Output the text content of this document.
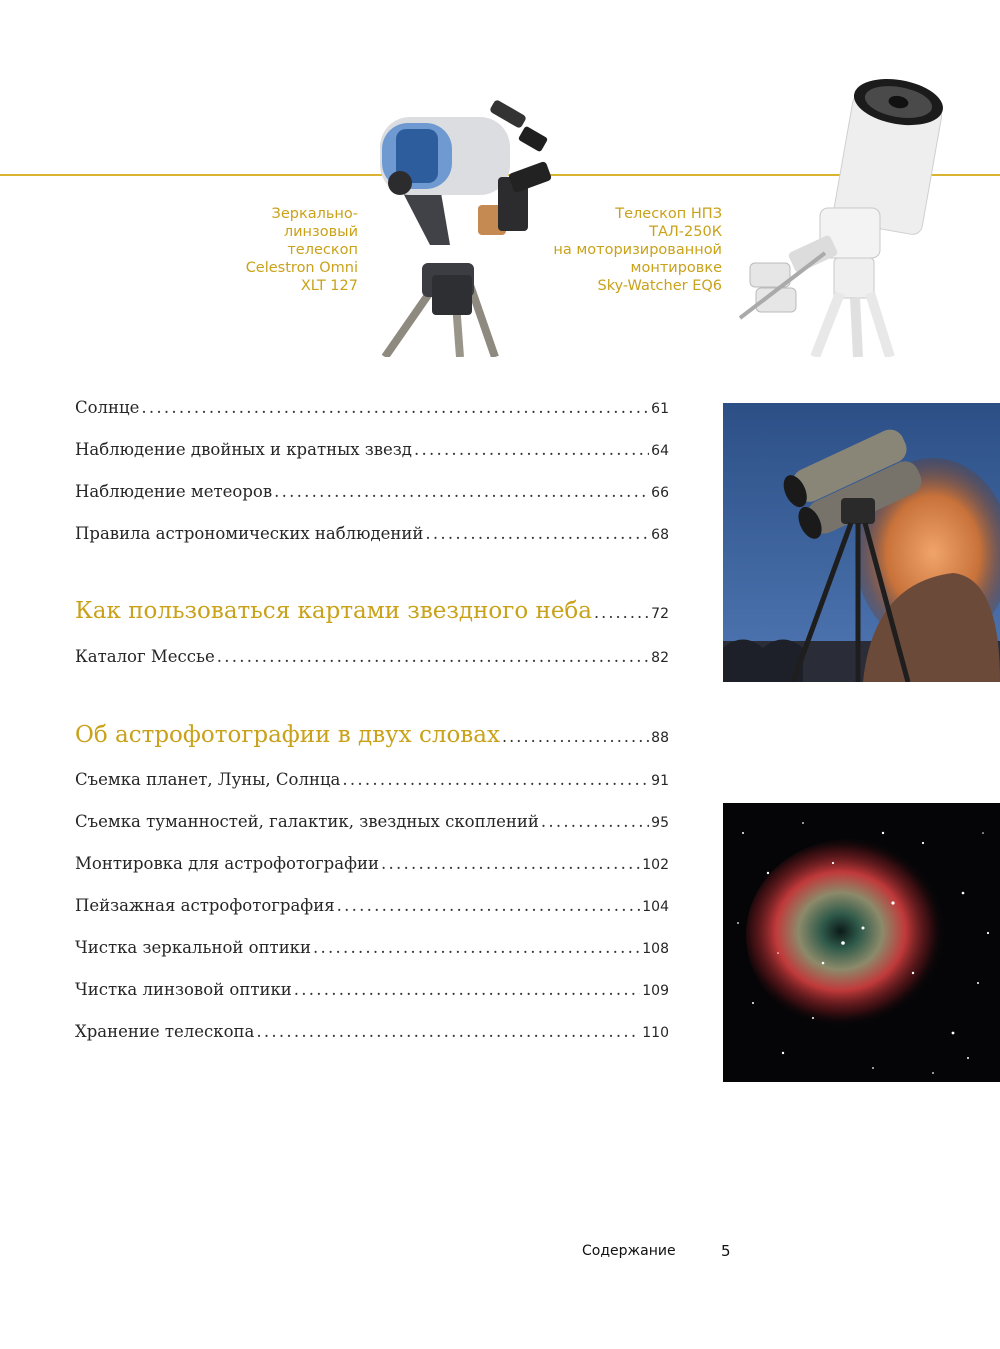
Зеркально-
линзовый
телескоп
Celestron Omni
XLT 127
Телескоп НПЗ
ТАЛ-250К
на моторизированной
монтировке
Sky-Watcher EQ6
Солнце . . .	61
Наблюдение двойных и кратных звезд . . .	64
Наблюдение метеоров . . .	66
Правила астрономических наблюдений . . .	68
Как пользоваться картами звездного неба . . .	72
Каталог Мессье . . .	82
Об астрофотографии в двух словах . . .	88
Съемка планет, Луны, Солнца . . .	91
Съемка туманностей, галактик, звездных скоплений . . .	95
Монтировка для астрофотографии . . .	102
Пейзажная астрофотография . . .	104
Чистка зеркальной оптики . . .	108
Чистка линзовой оптики . . .	109
Хранение телескопа . . .	110
Содержание	5
